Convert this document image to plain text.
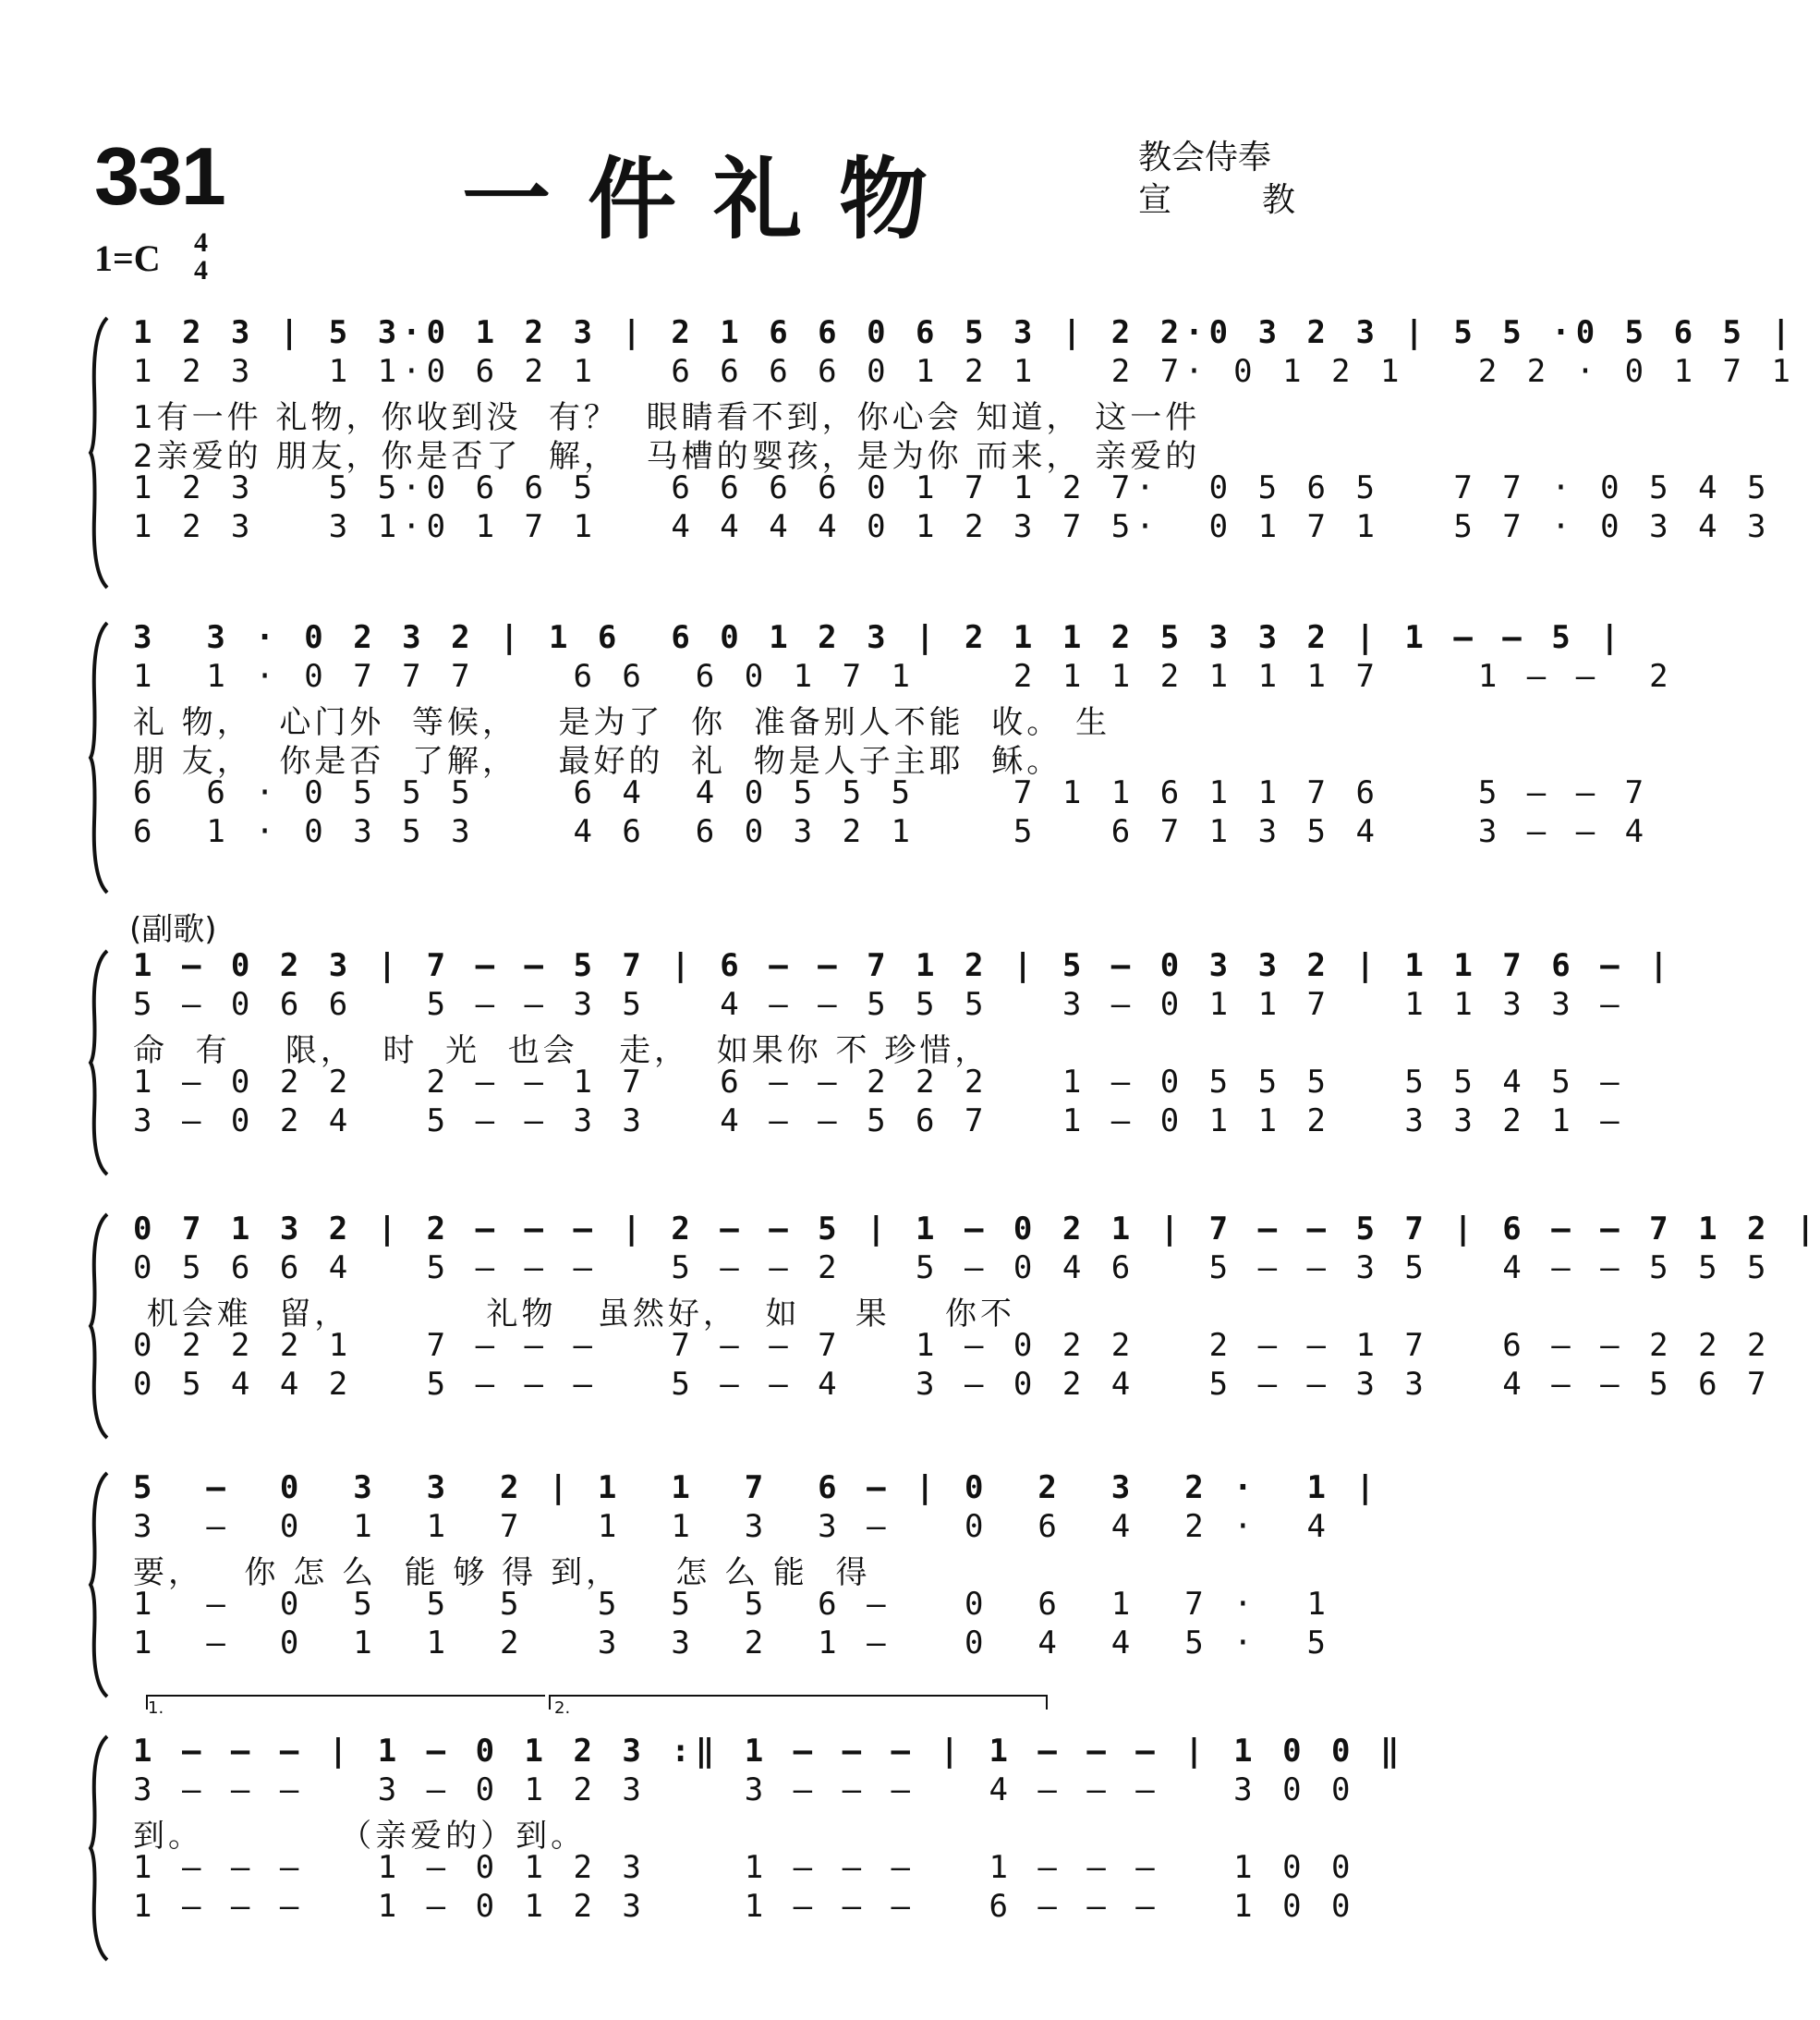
331	一件礼物	教会侍奉
宣	教
1=C 4
4
1 2 3 | 5 3·0 1 2 3 | 2 1 6 6 0 6 5 3 | 2 2·0 3 2 3 | 5 5 ·0 5 6 5 |
1 2 3   1 1·0 6 2 1   6 6 6 6 0 1 2 1   2 7· 0 1 2 1   2 2 · 0 1 7 1
1有一件 礼物，你收到没  有？  眼睛看不到，你心会 知道， 这一件
2亲爱的 朋友，你是否了  解，  马槽的婴孩，是为你 而来， 亲爱的
1 2 3   5 5·0 6 6 5   6 6 6 6 0 1 7 1 2 7·  0 5 6 5   7 7 · 0 5 4 5
1 2 3   3 1·0 1 7 1   4 4 4 4 0 1 2 3 7 5·  0 1 7 1   5 7 · 0 3 4 3
3  3 · 0 2 3 2 | 1 6  6 0 1 2 3 | 2 1 1 2 5 3 3 2 | 1 — — 5 |
1  1 · 0 7 7 7    6 6  6 0 1 7 1    2 1 1 2 1 1 1 7    1 — —  2
礼 物，  心门外  等候，   是为了  你  准备别人不能  收。 生
朋 友，  你是否  了解，   最好的  礼  物是人子主耶  稣。
6  6 · 0 5 5 5    6 4  4 0 5 5 5    7 1 1 6 1 1 7 6    5 — — 7
6  1 · 0 3 5 3    4 6  6 0 3 2 1    5   6 7 1 3 5 4    3 — — 4
(副歌)
1 — 0 2 3 | 7 — — 5 7 | 6 — — 7 1 2 | 5 — 0 3 3 2 | 1 1 7 6 — |
5 — 0 6 6   5 — — 3 5   4 — — 5 5 5   3 — 0 1 1 7   1 1 3 3 —
命  有    限，  时  光  也会   走，  如果你 不 珍惜，
1 — 0 2 2   2 — — 1 7   6 — — 2 2 2   1 — 0 5 5 5   5 5 4 5 —
3 — 0 2 4   5 — — 3 3   4 — — 5 6 7   1 — 0 1 1 2   3 3 2 1 —
0 7 1 3 2 | 2 — — — | 2 — — 5 | 1 — 0 2 1 | 7 — — 5 7 | 6 — — 7 1 2 |
0 5 6 6 4   5 — — —   5 — — 2   5 — 0 4 6   5 — — 3 5   4 — — 5 5 5
机会难  留，          礼物   虽然好，  如    果    你不
0 2 2 2 1   7 — — —   7 — — 7   1 — 0 2 2   2 — — 1 7   6 — — 2 2 2
0 5 4 4 2   5 — — —   5 — — 4   3 — 0 2 4   5 — — 3 3   4 — — 5 6 7
5  —  0  3  3  2 | 1  1  7  6 — | 0  2  3  2 ·  1 |
3  —  0  1  1  7   1  1  3  3 —   0  6  4  2 ·  4
要，   你 怎 么  能 够 得 到，    怎 么 能  得
1  —  0  5  5  5   5  5  5  6 —   0  6  1  7 ·  1
1  —  0  1  1  2   3  3  2  1 —   0  4  4  5 ·  5
1.	2.
1 — — — | 1 — 0 1 2 3 :‖ 1 — — — | 1 — — — | 1 0 0 ‖
3 — — —   3 — 0 1 2 3    3 — — —   4 — — —   3 0 0
到。          （亲爱的）到。
1 — — —   1 — 0 1 2 3    1 — — —   1 — — —   1 0 0
1 — — —   1 — 0 1 2 3    1 — — —   6 — — —   1 0 0
